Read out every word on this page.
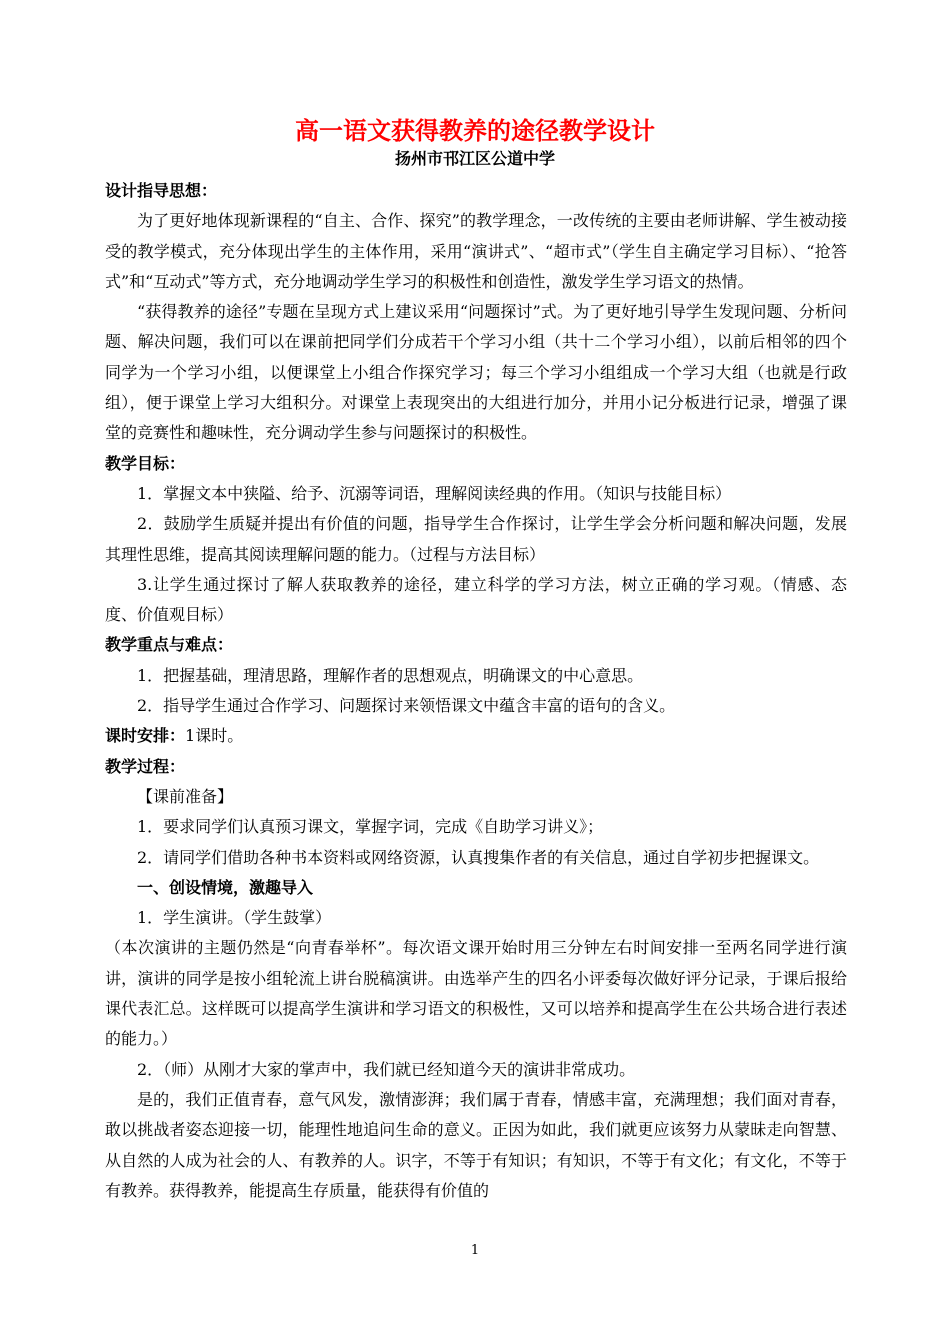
高一语文获得教养的途径教学设计
扬州市邗江区公道中学

设计指导思想：

为了更好地体现新课程的“自主、合作、探究”的教学理念，一改传统的主要由老师讲解、学生被动接受的教学模式，充分体现出学生的主体作用，采用“演讲式”、“超市式”（学生自主确定学习目标）、“抢答式”和“互动式”等方式，充分地调动学生学习的积极性和创造性，激发学生学习语文的热情。

“获得教养的途径”专题在呈现方式上建议采用“问题探讨”式。为了更好地引导学生发现问题、分析问题、解决问题，我们可以在课前把同学们分成若干个学习小组（共十二个学习小组），以前后相邻的四个同学为一个学习小组，以便课堂上小组合作探究学习；每三个学习小组组成一个学习大组（也就是行政组），便于课堂上学习大组积分。对课堂上表现突出的大组进行加分，并用小记分板进行记录，增强了课堂的竞赛性和趣味性，充分调动学生参与问题探讨的积极性。

教学目标：

1．掌握文本中狭隘、给予、沉溺等词语，理解阅读经典的作用。（知识与技能目标）

2．鼓励学生质疑并提出有价值的问题，指导学生合作探讨，让学生学会分析问题和解决问题，发展其理性思维，提高其阅读理解问题的能力。（过程与方法目标）

3.让学生通过探讨了解人获取教养的途径，建立科学的学习方法，树立正确的学习观。（情感、态度、价值观目标）

教学重点与难点：

1．把握基础，理清思路，理解作者的思想观点，明确课文的中心意思。

2．指导学生通过合作学习、问题探讨来领悟课文中蕴含丰富的语句的含义。

课时安排：1课时。

教学过程：

【课前准备】

1．要求同学们认真预习课文，掌握字词，完成《自助学习讲义》；

2．请同学们借助各种书本资料或网络资源，认真搜集作者的有关信息，通过自学初步把握课文。

一、创设情境，激趣导入

1．学生演讲。（学生鼓掌）

（本次演讲的主题仍然是“向青春举杯”。每次语文课开始时用三分钟左右时间安排一至两名同学进行演讲，演讲的同学是按小组轮流上讲台脱稿演讲。由选举产生的四名小评委每次做好评分记录，于课后报给课代表汇总。这样既可以提高学生演讲和学习语文的积极性，又可以培养和提高学生在公共场合进行表述的能力。）

2．（师）从刚才大家的掌声中，我们就已经知道今天的演讲非常成功。

是的，我们正值青春，意气风发，激情澎湃；我们属于青春，情感丰富，充满理想；我们面对青春，敢以挑战者姿态迎接一切，能理性地追问生命的意义。正因为如此，我们就更应该努力从蒙昧走向智慧、从自然的人成为社会的人、有教养的人。识字，不等于有知识；有知识，不等于有文化；有文化，不等于有教养。获得教养，能提高生存质量，能获得有价值的

1
